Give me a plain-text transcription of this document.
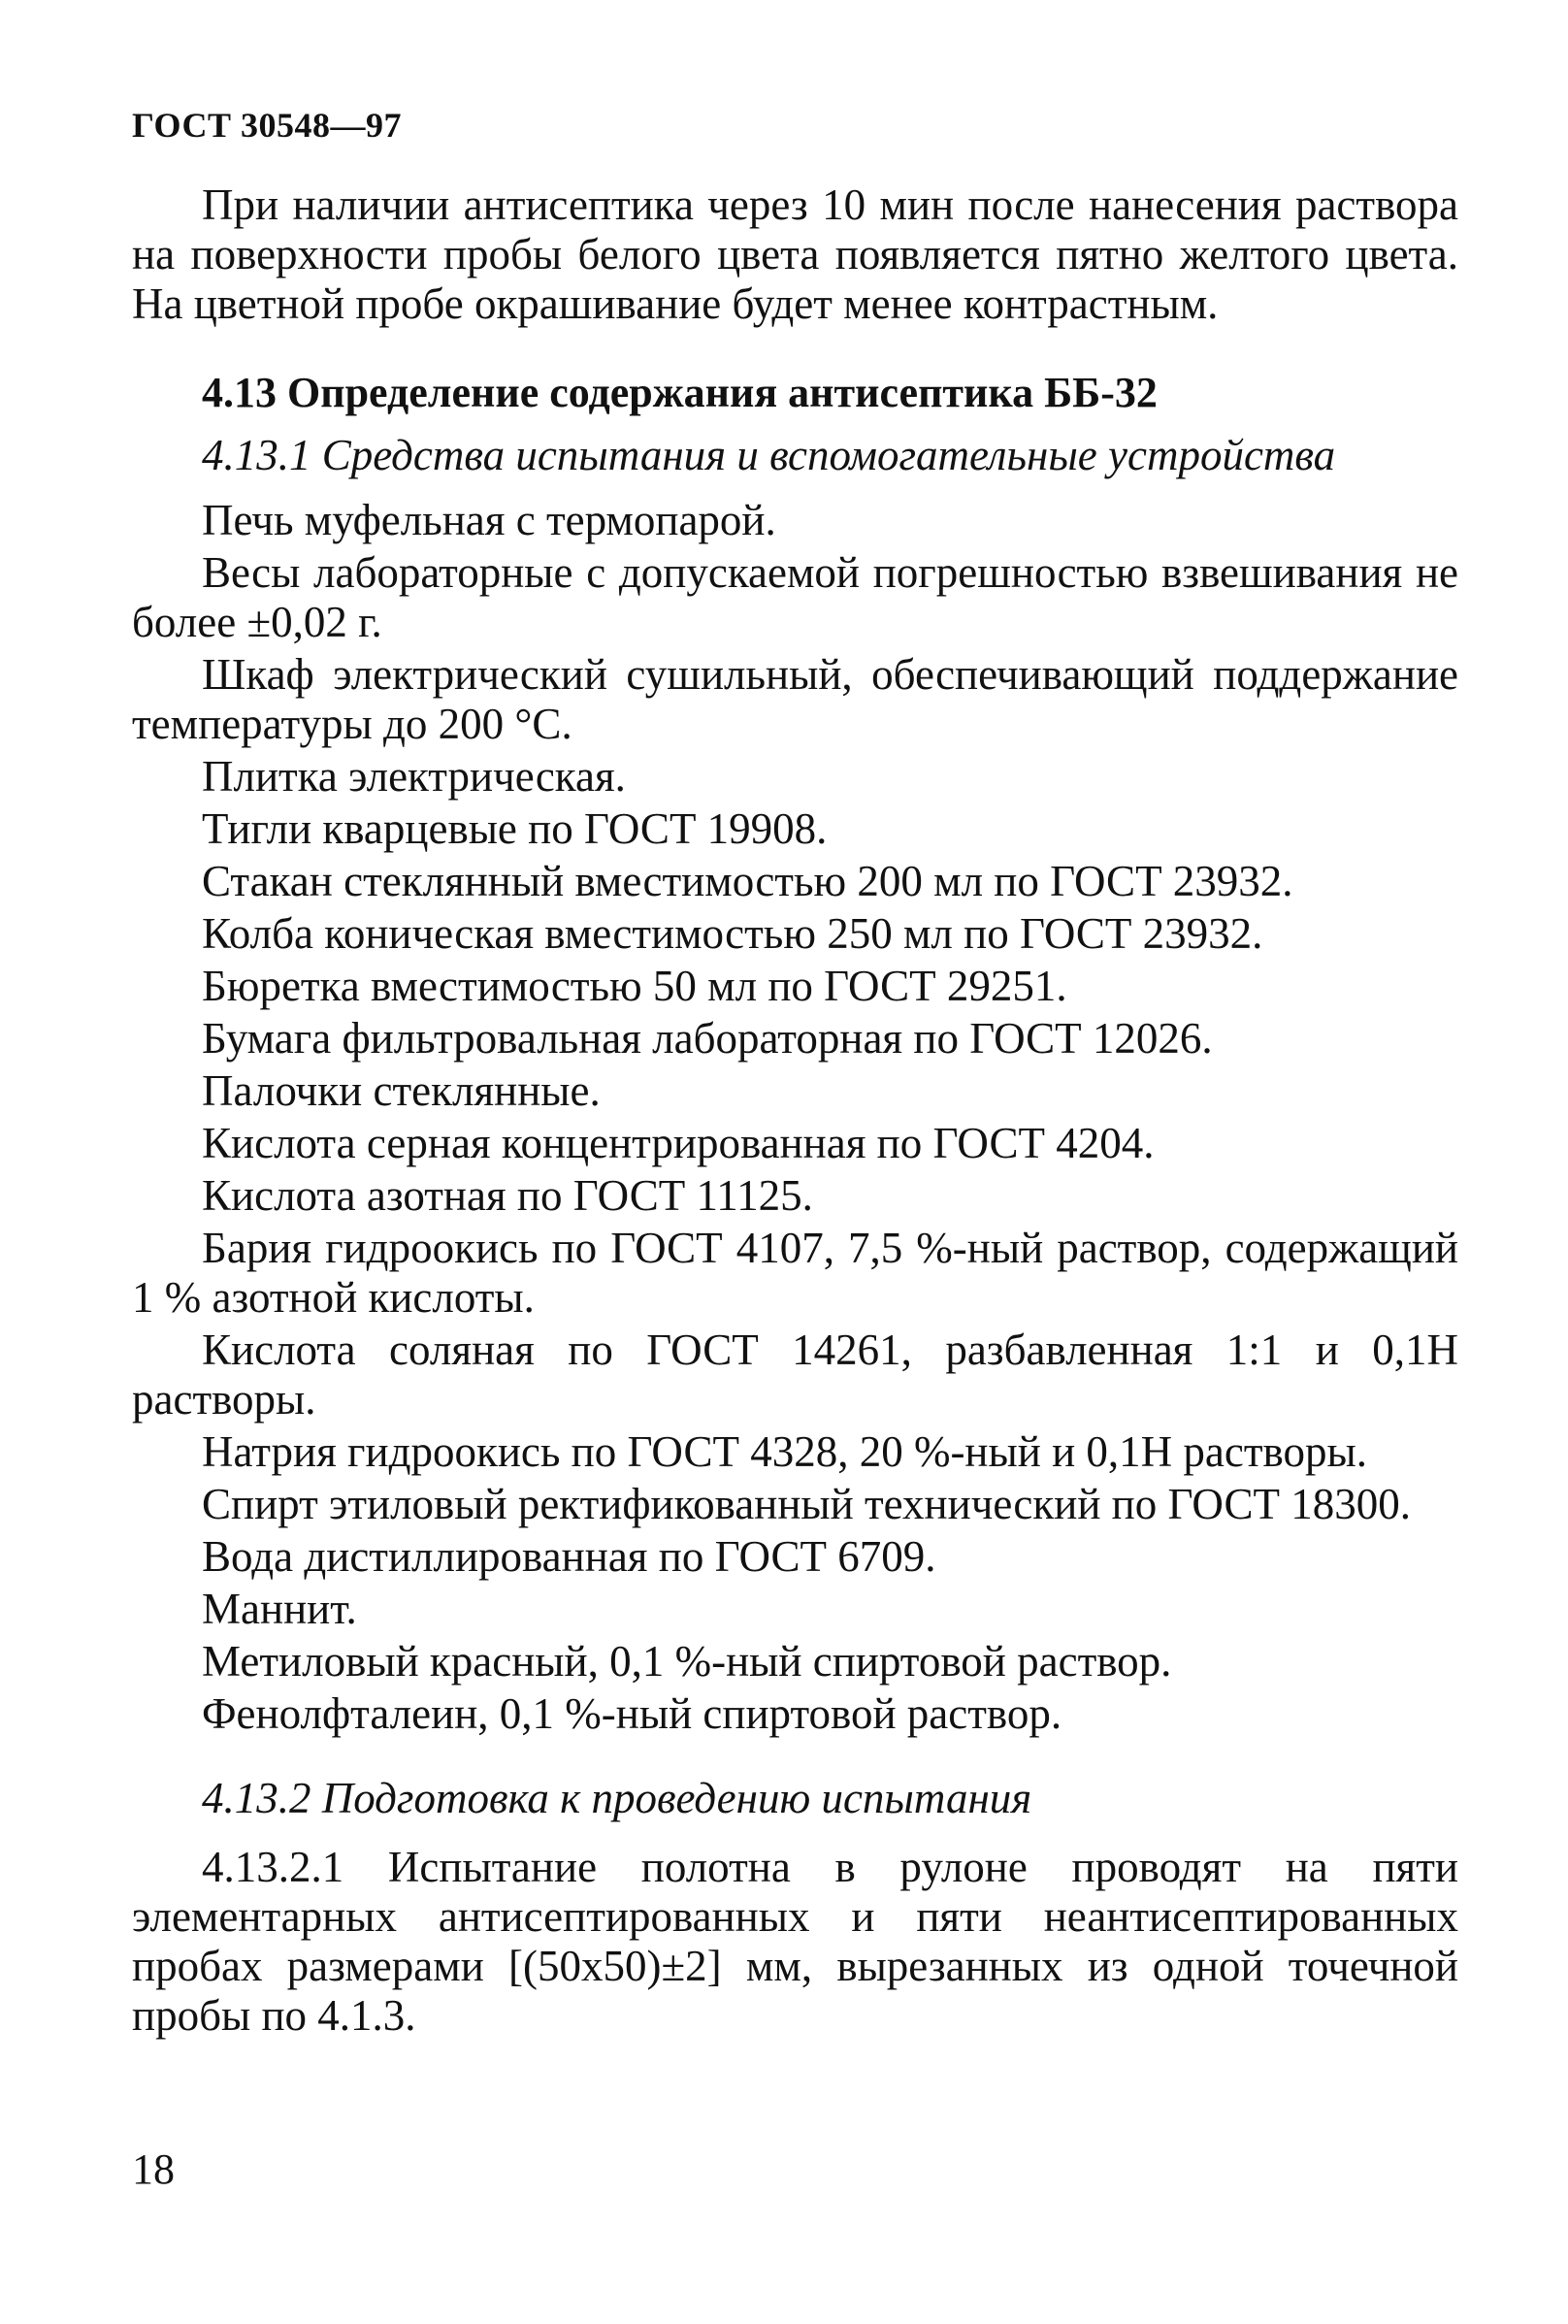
ГОСТ 30548—97

При наличии антисептика через 10 мин после нанесения раствора на поверхности пробы белого цвета появляется пятно желтого цвета. На цветной пробе окрашивание будет менее контрастным.

4.13 Определение содержания антисептика ББ-32
4.13.1 Средства испытания и вспомогательные устройства

Печь муфельная с термопарой.

Весы лабораторные с допускаемой погрешностью взвешивания не более ±0,02 г.

Шкаф электрический сушильный, обеспечивающий поддержание температуры до 200 °С.

Плитка электрическая.

Тигли кварцевые по ГОСТ 19908.

Стакан стеклянный вместимостью 200 мл по ГОСТ 23932.

Колба коническая вместимостью 250 мл по ГОСТ 23932.

Бюретка вместимостью 50 мл по ГОСТ 29251.

Бумага фильтровальная лабораторная по ГОСТ 12026.

Палочки стеклянные.

Кислота серная концентрированная по ГОСТ 4204.

Кислота азотная по ГОСТ 11125.

Бария гидроокись по ГОСТ 4107, 7,5 %-ный раствор, содержащий 1 % азотной кислоты.

Кислота соляная по ГОСТ 14261, разбавленная 1:1 и 0,1Н растворы.

Натрия гидроокись по ГОСТ 4328, 20 %-ный и 0,1Н растворы.

Спирт этиловый ректификованный технический по ГОСТ 18300.

Вода дистиллированная по ГОСТ 6709.

Маннит.

Метиловый красный, 0,1 %-ный спиртовой раствор.

Фенолфталеин, 0,1 %-ный спиртовой раствор.

4.13.2 Подготовка к проведению испытания

4.13.2.1 Испытание полотна в рулоне проводят на пяти элементарных антисептированных и пяти неантисептированных пробах размерами [(50x50)±2] мм, вырезанных из одной точечной пробы по 4.1.3.

18
